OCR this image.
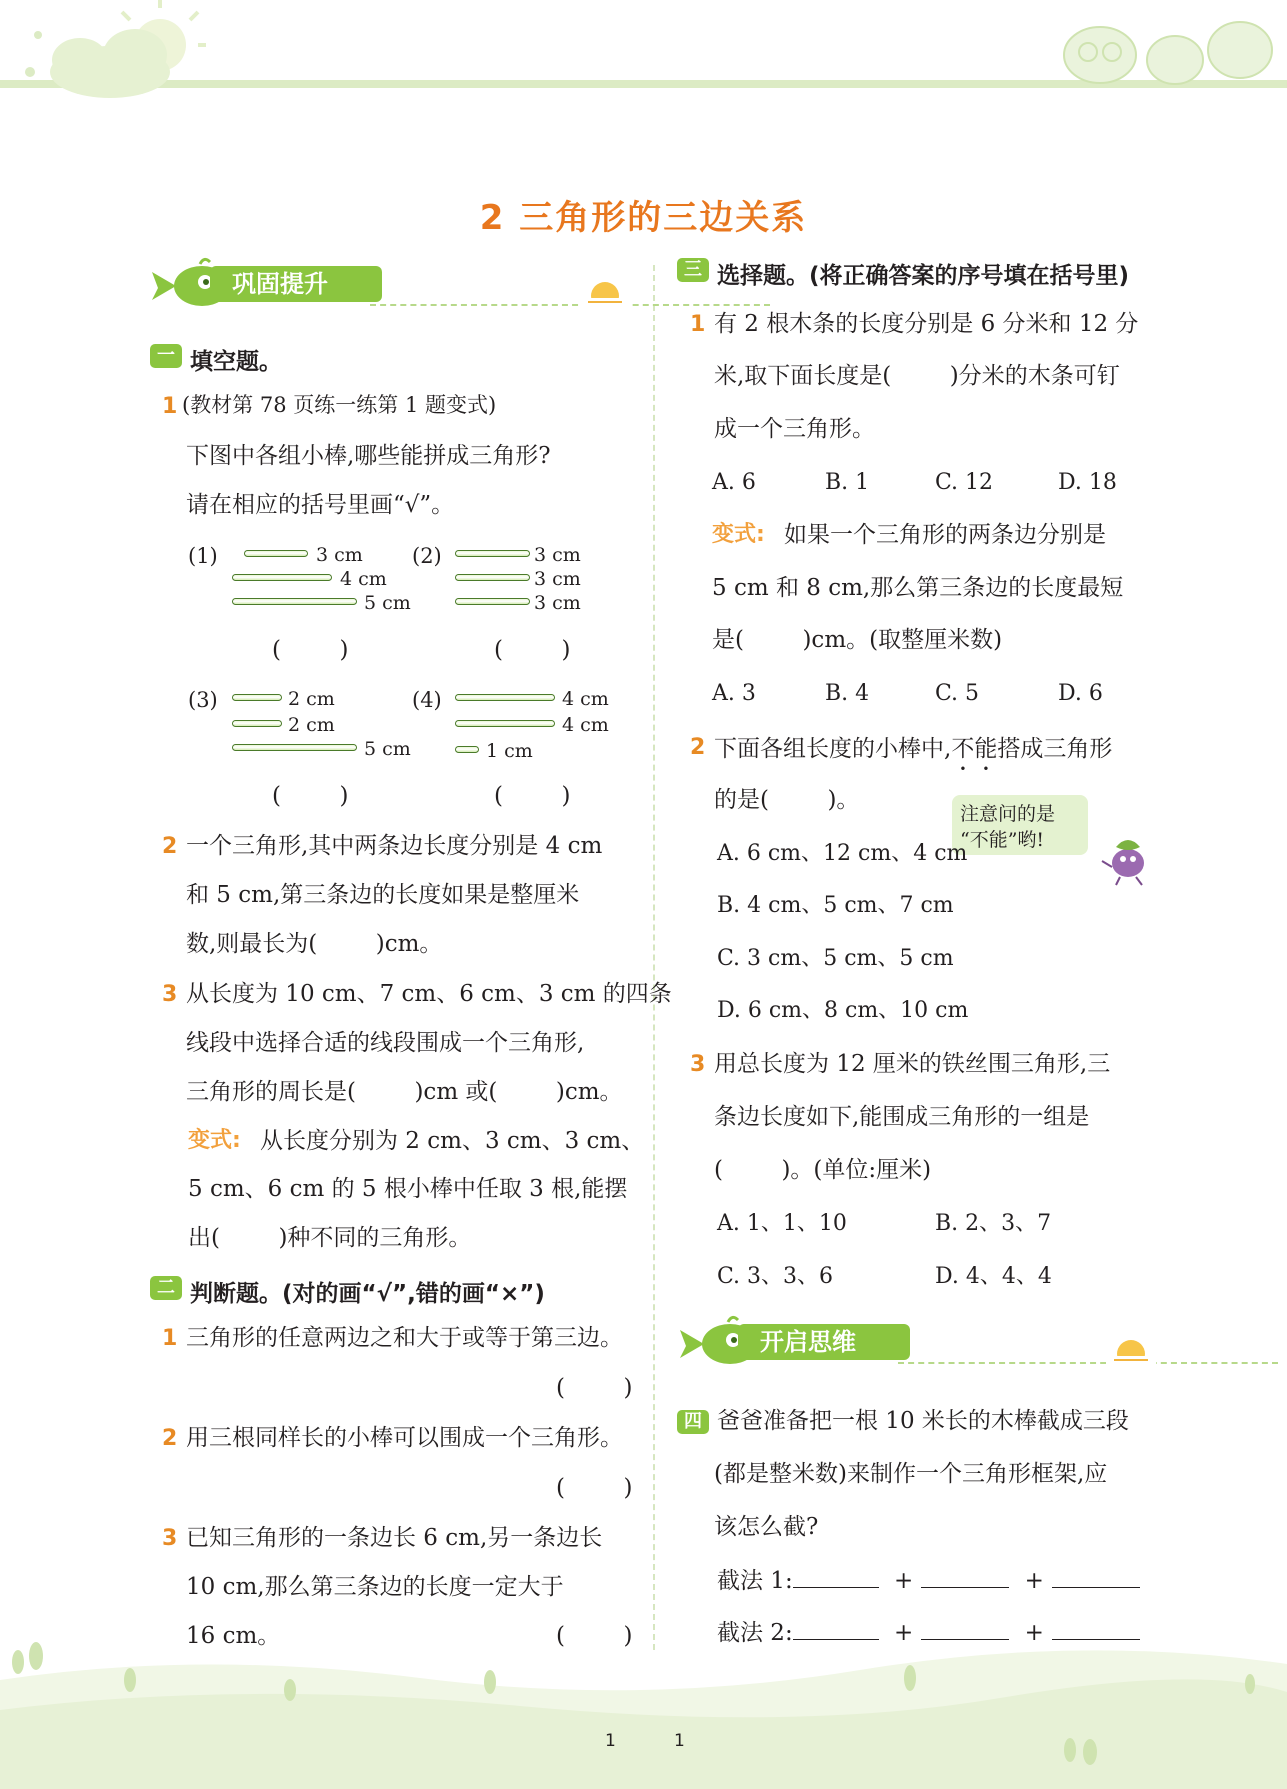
2 三角形的三边关系
巩固提升
一 填空题。
1 (教材第 78 页练一练第 1 题变式)
下图中各组小棒,哪些能拼成三角形?
请在相应的括号里画“√”。
(1)	3 cm
4 cm
5 cm
(        )
(2)	3 cm
3 cm
3 cm
(        )
(3)	2 cm
2 cm
5 cm
(        )
(4)	4 cm
4 cm
1 cm
(        )
2 一个三角形,其中两条边长度分别是 4 cm
和 5 cm,第三条边的长度如果是整厘米
数,则最长为(        )cm。
3 从长度为 10 cm、7 cm、6 cm、3 cm 的四条
线段中选择合适的线段围成一个三角形,
三角形的周长是(        )cm 或(        )cm。
变式: 从长度分别为 2 cm、3 cm、3 cm、
5 cm、6 cm 的 5 根小棒中任取 3 根,能摆
出(        )种不同的三角形。
二 判断题。(对的画“√”,错的画“×”)
1 三角形的任意两边之和大于或等于第三边。
(        )
2 用三根同样长的小棒可以围成一个三角形。
(        )
3 已知三角形的一条边长 6 cm,另一条边长
10 cm,那么第三条边的长度一定大于
16 cm。	(        )
三 选择题。(将正确答案的序号填在括号里)
1 有 2 根木条的长度分别是 6 分米和 12 分
米,取下面长度是(        )分米的木条可钉
成一个三角形。
A. 6	B. 1	C. 12	D. 18
变式: 如果一个三角形的两条边分别是
5 cm 和 8 cm,那么第三条边的长度最短
是(        )cm。(取整厘米数)
A. 3	B. 4	C. 5	D. 6
2 下面各组长度的小棒中,不能搭成三角形
的是(        )。
注意问的是
“不能”哟!
A. 6 cm、12 cm、4 cm
B. 4 cm、5 cm、7 cm
C. 3 cm、5 cm、5 cm
D. 6 cm、8 cm、10 cm
3 用总长度为 12 厘米的铁丝围三角形,三
条边长度如下,能围成三角形的一组是
(        )。(单位:厘米)
A. 1、1、10	B. 2、3、7
C. 3、3、6	D. 4、4、4
开启思维
四 爸爸准备把一根 10 米长的木棒截成三段
(都是整米数)来制作一个三角形框架,应
该怎么截?
截法 1:	+	+
截法 2:	+	+
1	1
